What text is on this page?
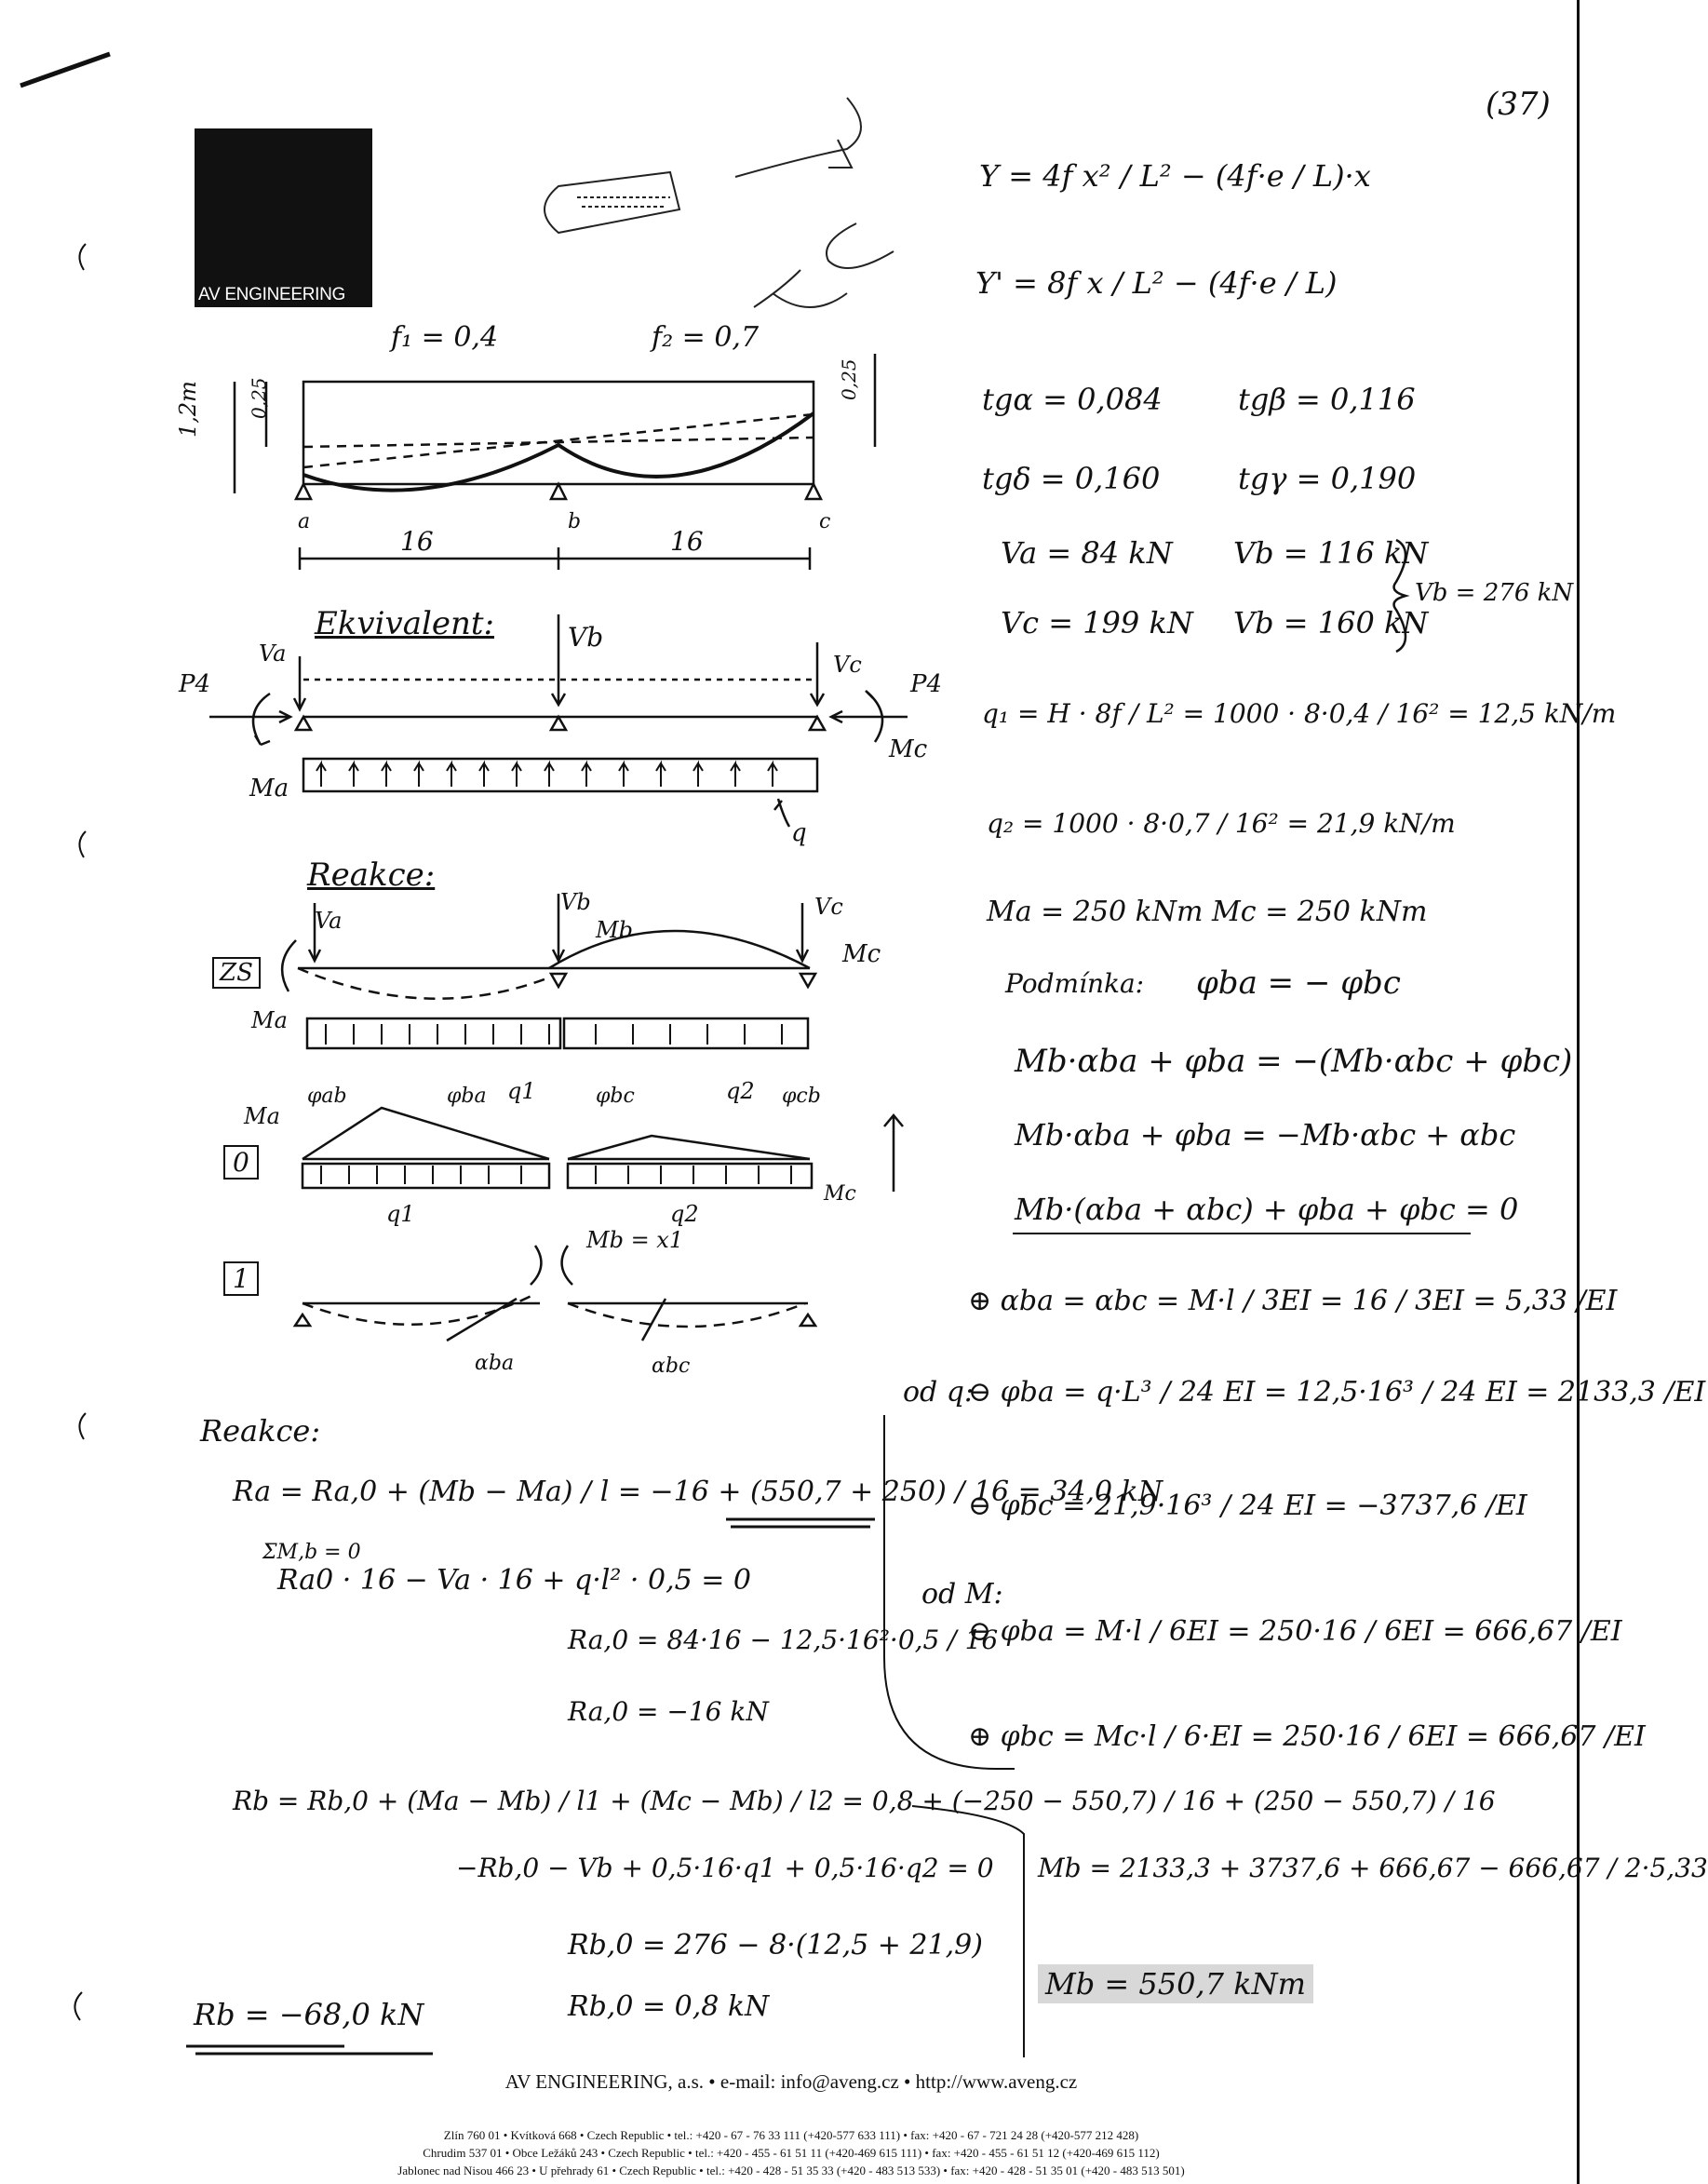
(37)
AV ENGINEERING
Y = 4f x² / L² − (4f·e / L)·x
Y' = 8f x / L² − (4f·e / L)
f₁ = 0,4	f₂ = 0,7
1,2m	0,25	0,25
a	b	c
16	16
tgα = 0,084	tgβ = 0,116
tgδ = 0,160	tgγ = 0,190
Va = 84 kN Vb = 116 kN
Vc = 199 kN Vb = 160 kN
Vb = 276 kN
Ekvivalent:
Va
Vb
Vc
P4	P4
Ma
Mc
q
q₁ = H · 8f / L² = 1000 · 8·0,4 / 16² = 12,5 kN/m
q₂ = 1000 · 8·0,7 / 16² = 21,9 kN/m
Ma = 250 kNm Mc = 250 kNm
Podmínka: φba = − φbc
Mb·αba + φba = −(Mb·αbc + φbc)
Mb·αba + φba = −Mb·αbc + αbc
Mb·(αba + αbc) + φba + φbc = 0
Reakce:
ZS
0
1
Va
Vb
Mb
Vc
Mc
Ma
q1	q2
Ma
φab	φba	φbc	φcb
Mc
q1	q2
Mb = x1
αba	αbc
⊕ αba = αbc = M·l / 3EI = 16 / 3EI = 5,33 /EI
od q:
⊖ φba = q·L³ / 24 EI = 12,5·16³ / 24 EI = 2133,3 /EI
⊖ φbc = 21,9·16³ / 24 EI = −3737,6 /EI
od M:
⊖ φba = M·l / 6EI = 250·16 / 6EI = 666,67 /EI
⊕ φbc = Mc·l / 6·EI = 250·16 / 6EI = 666,67 /EI
Mb = 2133,3 + 3737,6 + 666,67 − 666,67 / 2·5,33
Mb = 550,7 kNm
Reakce:
Ra = Ra,0 + (Mb − Ma) / l = −16 + (550,7 + 250) / 16 = 34,0 kN
ΣM,b = 0
Ra0 · 16 − Va · 16 + q·l² · 0,5 = 0
Ra,0 = 84·16 − 12,5·16²·0,5 / 16
Ra,0 = −16 kN
Rb = Rb,0 + (Ma − Mb) / l1 + (Mc − Mb) / l2 = 0,8 + (−250 − 550,7) / 16 + (250 − 550,7) / 16
−Rb,0 − Vb + 0,5·16·q1 + 0,5·16·q2 = 0
Rb,0 = 276 − 8·(12,5 + 21,9)
Rb,0 = 0,8 kN
Rb = −68,0 kN
AV ENGINEERING, a.s. • e-mail: info@aveng.cz • http://www.aveng.cz
Zlín 760 01 • Kvítková 668 • Czech Republic • tel.: +420 - 67 - 76 33 111 (+420-577 633 111) • fax: +420 - 67 - 721 24 28 (+420-577 212 428)
Chrudim 537 01 • Obce Ležáků 243 • Czech Republic • tel.: +420 - 455 - 61 51 11 (+420-469 615 111) • fax: +420 - 455 - 61 51 12 (+420-469 615 112)
Jablonec nad Nisou 466 23 • U přehrady 61 • Czech Republic • tel.: +420 - 428 - 51 35 33 (+420 - 483 513 533) • fax: +420 - 428 - 51 35 01 (+420 - 483 513 501)
